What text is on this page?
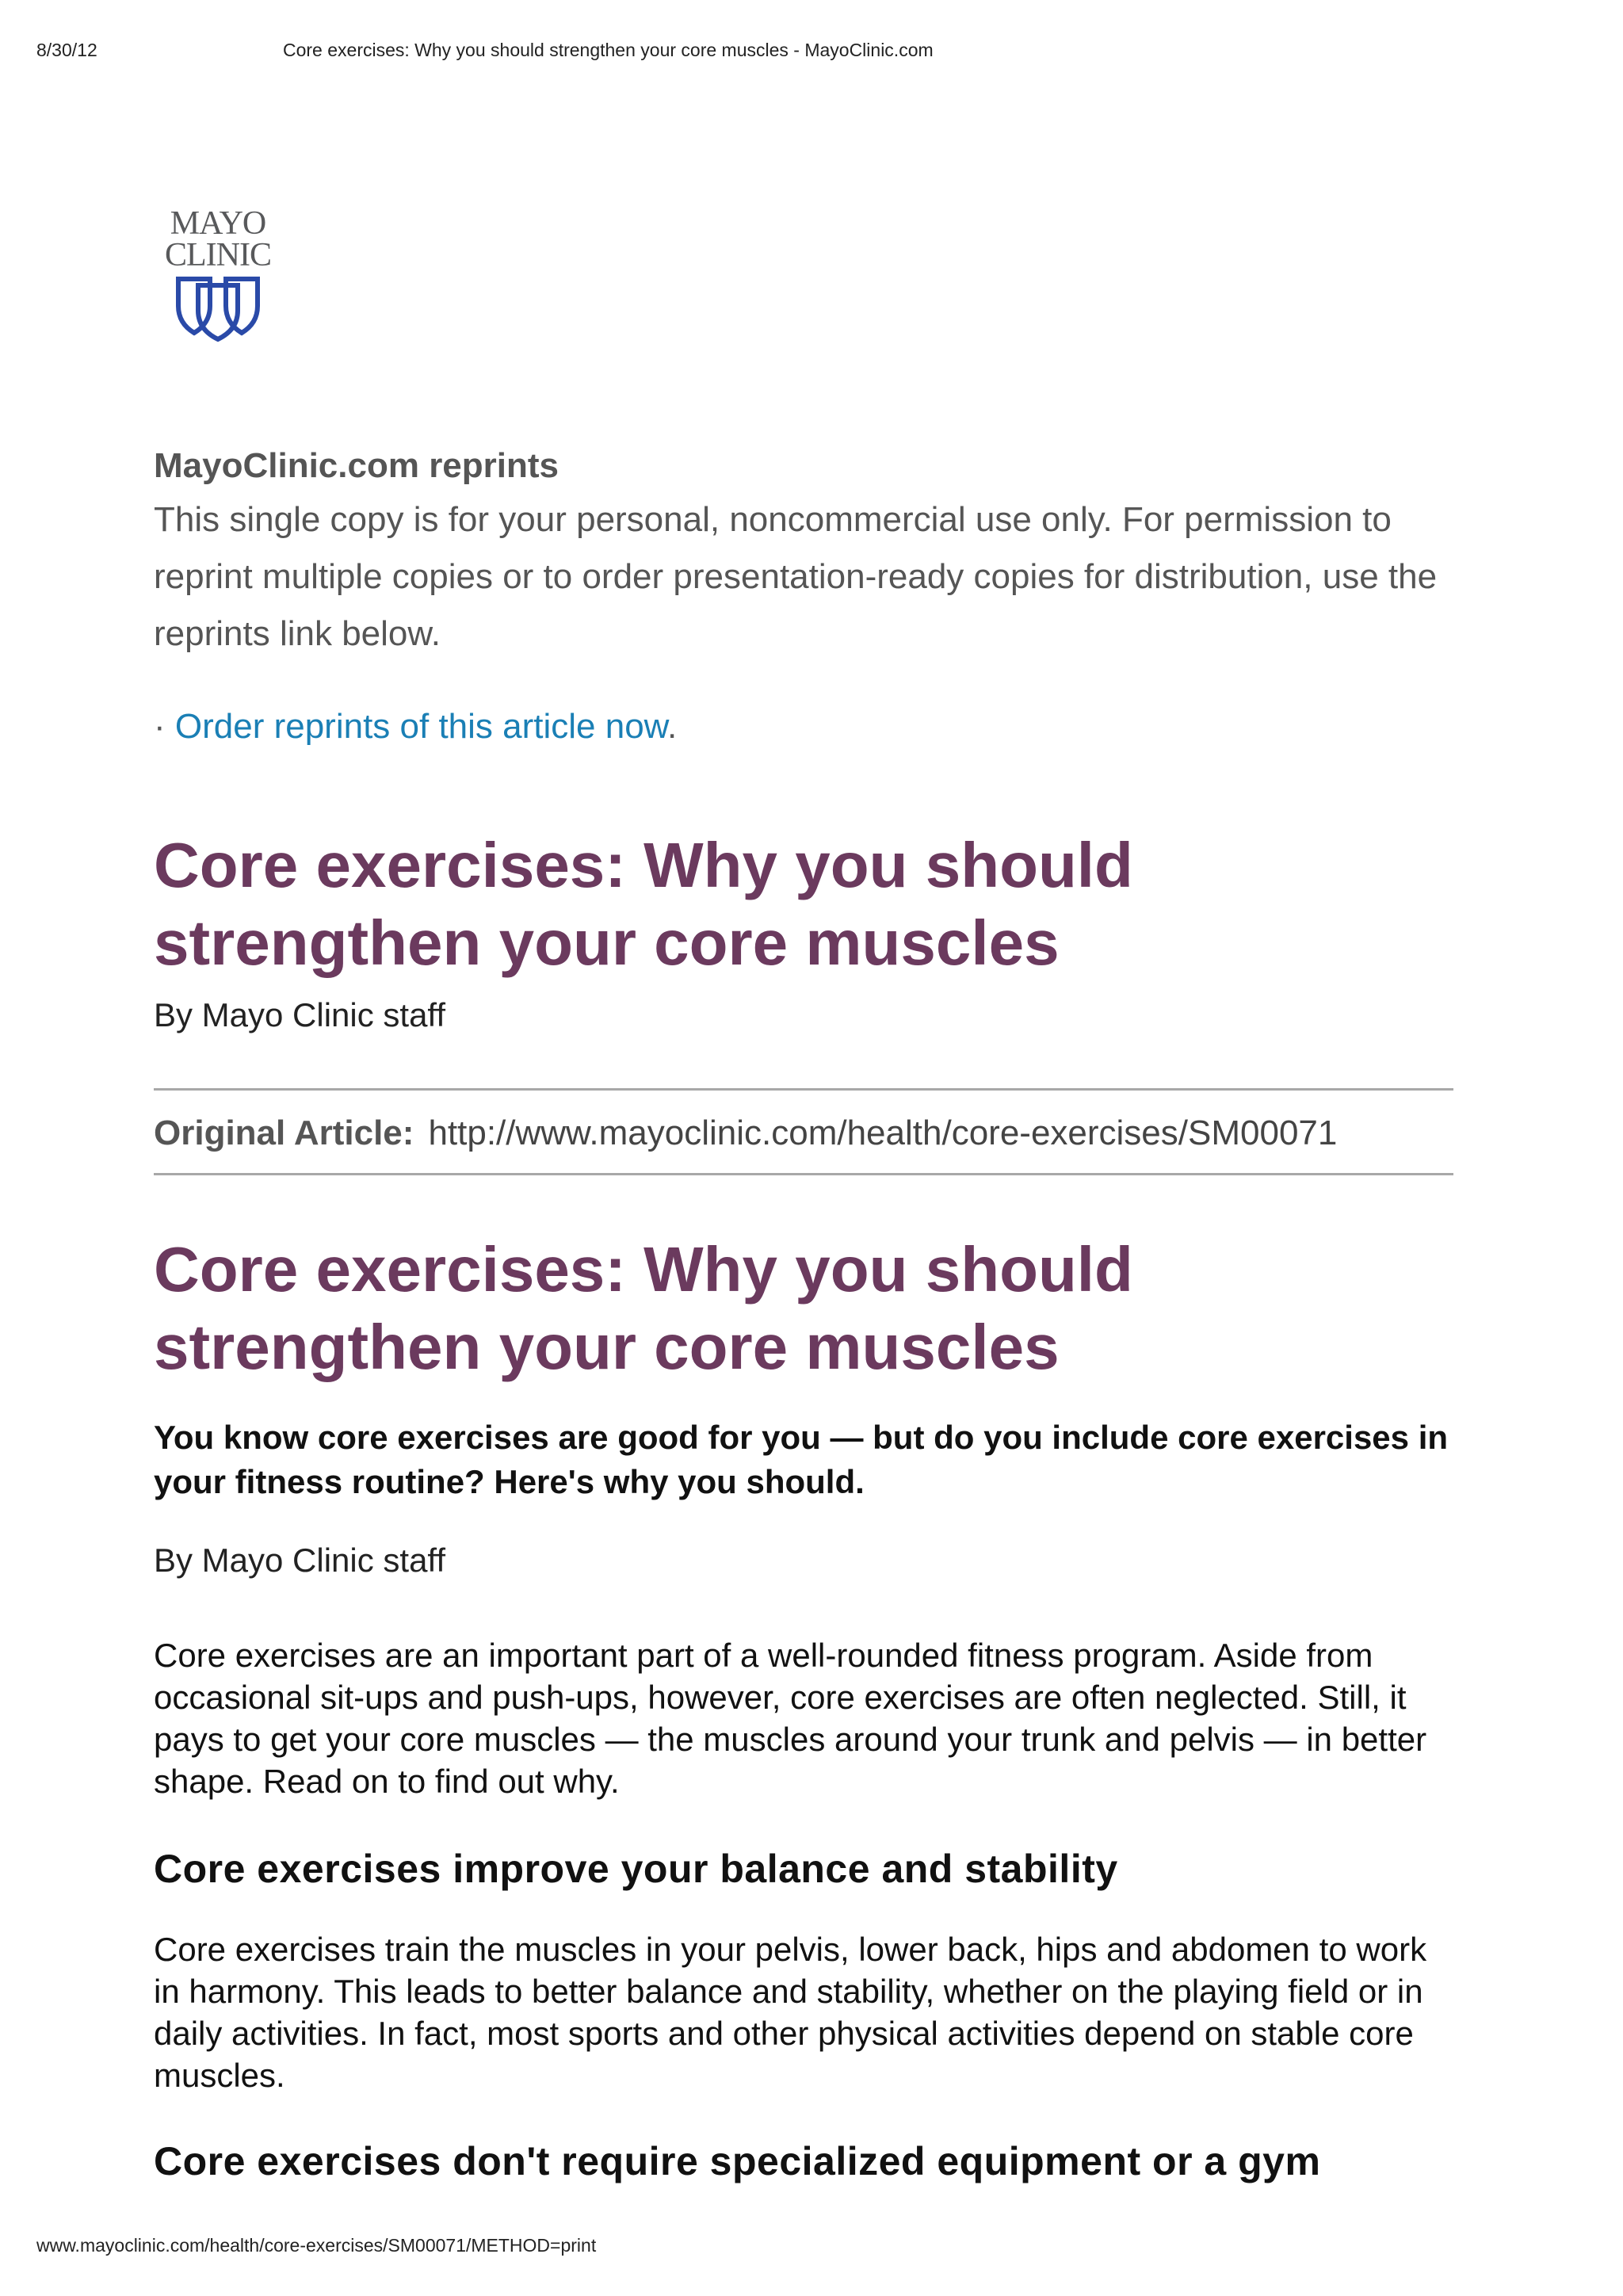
8/30/12	Core exercises: Why you should strengthen your core muscles - MayoClinic.com
MAYO
CLINIC
MayoClinic.com reprints
This single copy is for your personal, noncommercial use only. For permission to reprint multiple copies or to order presentation-ready copies for distribution, use the reprints link below.
· Order reprints of this article now.
Core exercises: Why you should strengthen your core muscles
By Mayo Clinic staff
Original Article: http://www.mayoclinic.com/health/core-exercises/SM00071
Core exercises: Why you should strengthen your core muscles
You know core exercises are good for you — but do you include core exercises in your fitness routine? Here's why you should.
By Mayo Clinic staff
Core exercises are an important part of a well-rounded fitness program. Aside from occasional sit-ups and push-ups, however, core exercises are often neglected. Still, it pays to get your core muscles — the muscles around your trunk and pelvis — in better shape. Read on to find out why.
Core exercises improve your balance and stability
Core exercises train the muscles in your pelvis, lower back, hips and abdomen to work in harmony. This leads to better balance and stability, whether on the playing field or in daily activities. In fact, most sports and other physical activities depend on stable core muscles.
Core exercises don't require specialized equipment or a gym
www.mayoclinic.com/health/core-exercises/SM00071/METHOD=print
